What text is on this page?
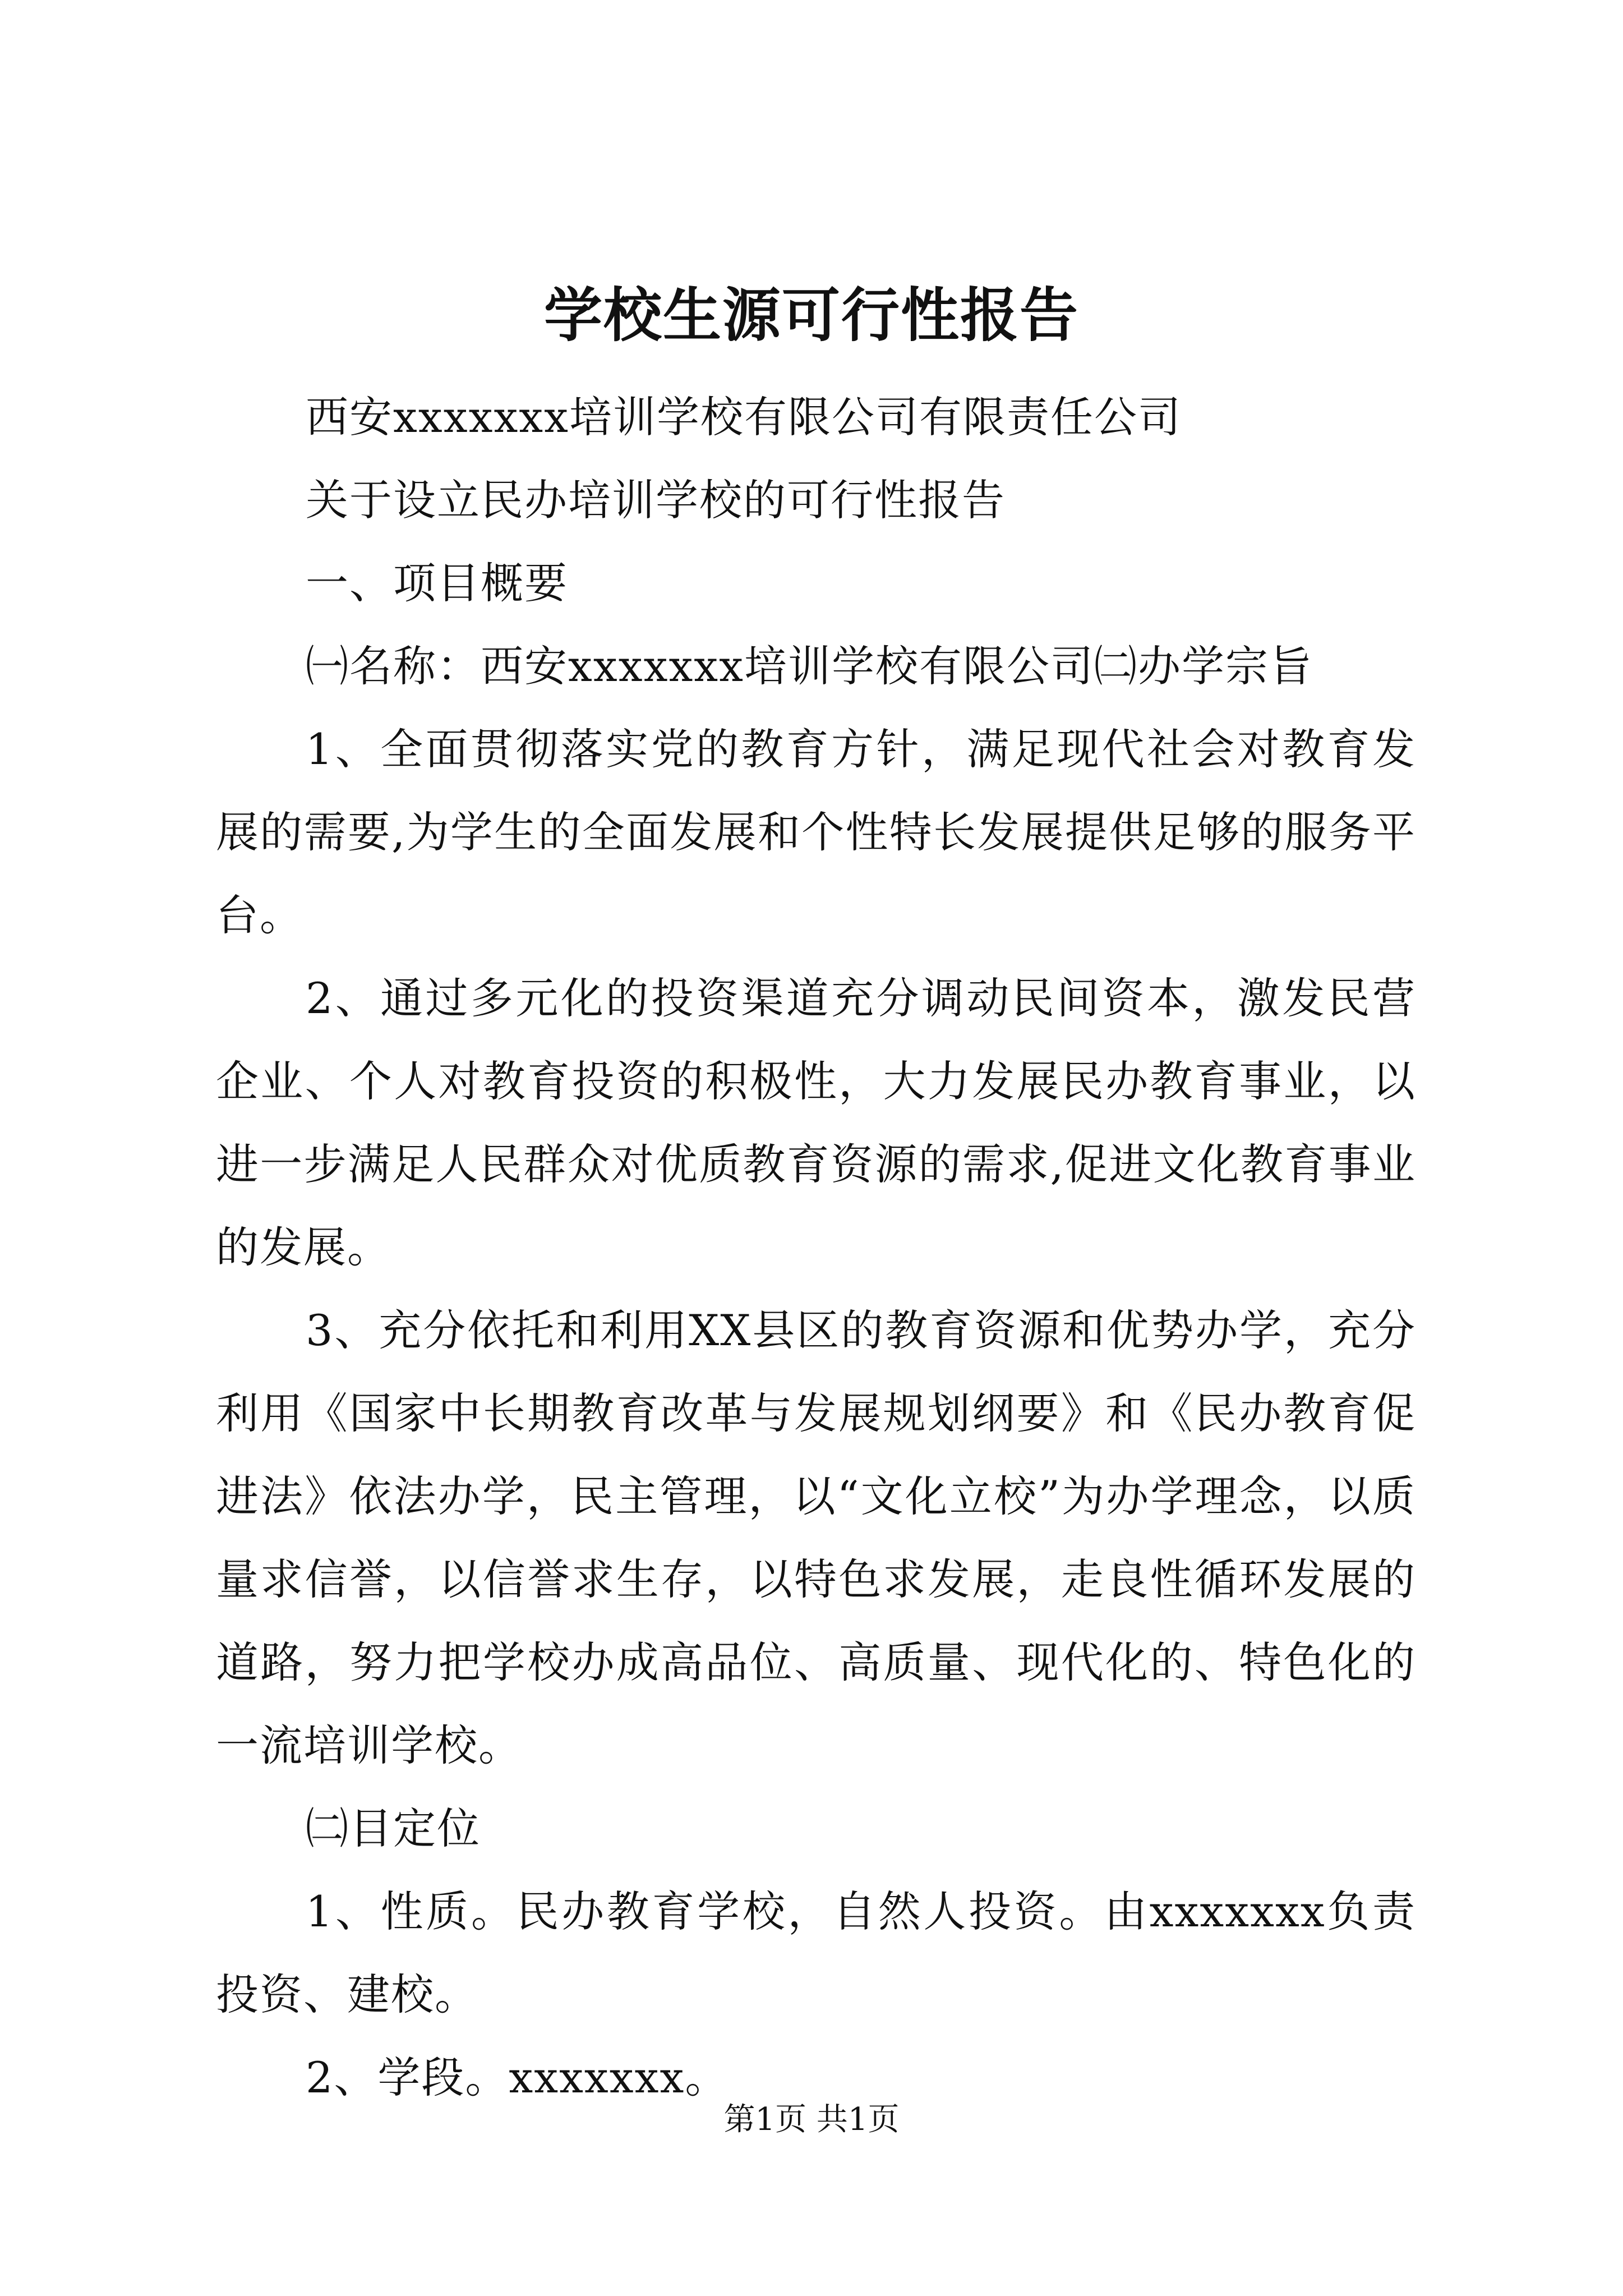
学校生源可行性报告

西安xxxxxxx培训学校有限公司有限责任公司

关于设立民办培训学校的可行性报告

一、项目概要

㈠名称：西安xxxxxxx培训学校有限公司㈡办学宗旨

1、全面贯彻落实党的教育方针，满足现代社会对教育发展的需要,为学生的全面发展和个性特长发展提供足够的服务平台。

2、通过多元化的投资渠道充分调动民间资本，激发民营企业、个人对教育投资的积极性，大力发展民办教育事业，以进一步满足人民群众对优质教育资源的需求,促进文化教育事业的发展。

3、充分依托和利用XX县区的教育资源和优势办学，充分利用《国家中长期教育改革与发展规划纲要》和《民办教育促进法》依法办学，民主管理，以“文化立校”为办学理念，以质量求信誉，以信誉求生存，以特色求发展，走良性循环发展的道路，努力把学校办成高品位、高质量、现代化的、特色化的一流培训学校。

㈡目定位

1、性质。民办教育学校，自然人投资。由xxxxxxx负责投资、建校。

2、学段。xxxxxxx。

第1页 共1页
